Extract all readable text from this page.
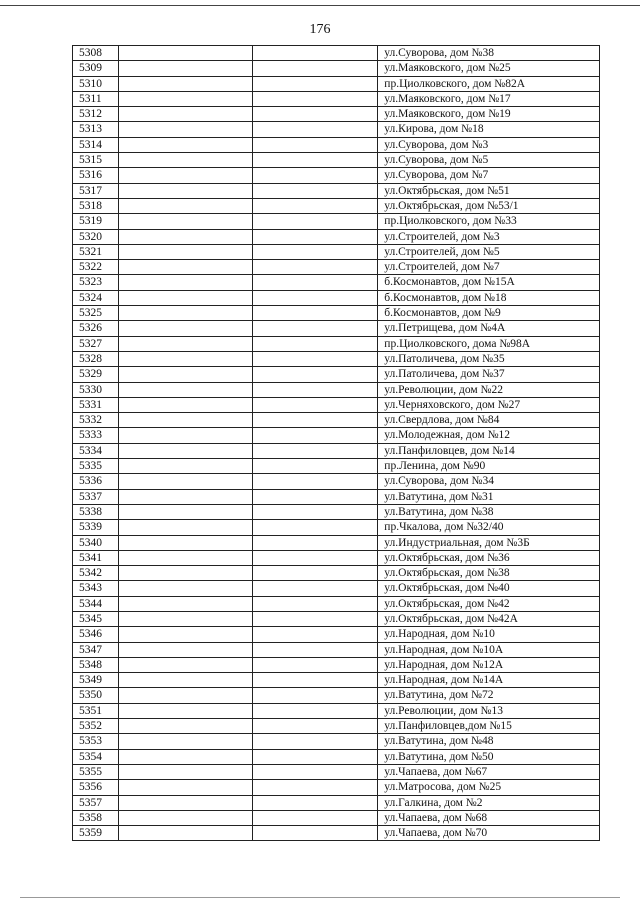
176
5308			ул.Суворова, дом №38
5309			ул.Маяковского, дом №25
5310			пр.Циолковского, дом №82А
5311			ул.Маяковского, дом №17
5312			ул.Маяковского, дом №19
5313			ул.Кирова, дом №18
5314			ул.Суворова, дом №3
5315			ул.Суворова, дом №5
5316			ул.Суворова, дом №7
5317			ул.Октябрьская, дом №51
5318			ул.Октябрьская, дом №53/1
5319			пр.Циолковского, дом №33
5320			ул.Строителей, дом №3
5321			ул.Строителей, дом №5
5322			ул.Строителей, дом №7
5323			б.Космонавтов, дом №15А
5324			б.Космонавтов, дом №18
5325			б.Космонавтов, дом №9
5326			ул.Петрищева, дом №4А
5327			пр.Циолковского, дома №98А
5328			ул.Патоличева, дом №35
5329			ул.Патоличева, дом №37
5330			ул.Революции, дом №22
5331			ул.Черняховского, дом №27
5332			ул.Свердлова, дом №84
5333			ул.Молодежная, дом №12
5334			ул.Панфиловцев, дом №14
5335			пр.Ленина, дом №90
5336			ул.Суворова, дом №34
5337			ул.Ватутина, дом №31
5338			ул.Ватутина, дом №38
5339			пр.Чкалова, дом №32/40
5340			ул.Индустриальная, дом №3Б
5341			ул.Октябрьская, дом №36
5342			ул.Октябрьская, дом №38
5343			ул.Октябрьская, дом №40
5344			ул.Октябрьская, дом №42
5345			ул.Октябрьская, дом №42А
5346			ул.Народная, дом №10
5347			ул.Народная, дом №10А
5348			ул.Народная, дом №12А
5349			ул.Народная, дом №14А
5350			ул.Ватутина, дом №72
5351			ул.Революции, дом №13
5352			ул.Панфиловцев,дом №15
5353			ул.Ватутина, дом №48
5354			ул.Ватутина, дом №50
5355			ул.Чапаева, дом №67
5356			ул.Матросова, дом №25
5357			ул.Галкина, дом №2
5358			ул.Чапаева, дом №68
5359			ул.Чапаева, дом №70
